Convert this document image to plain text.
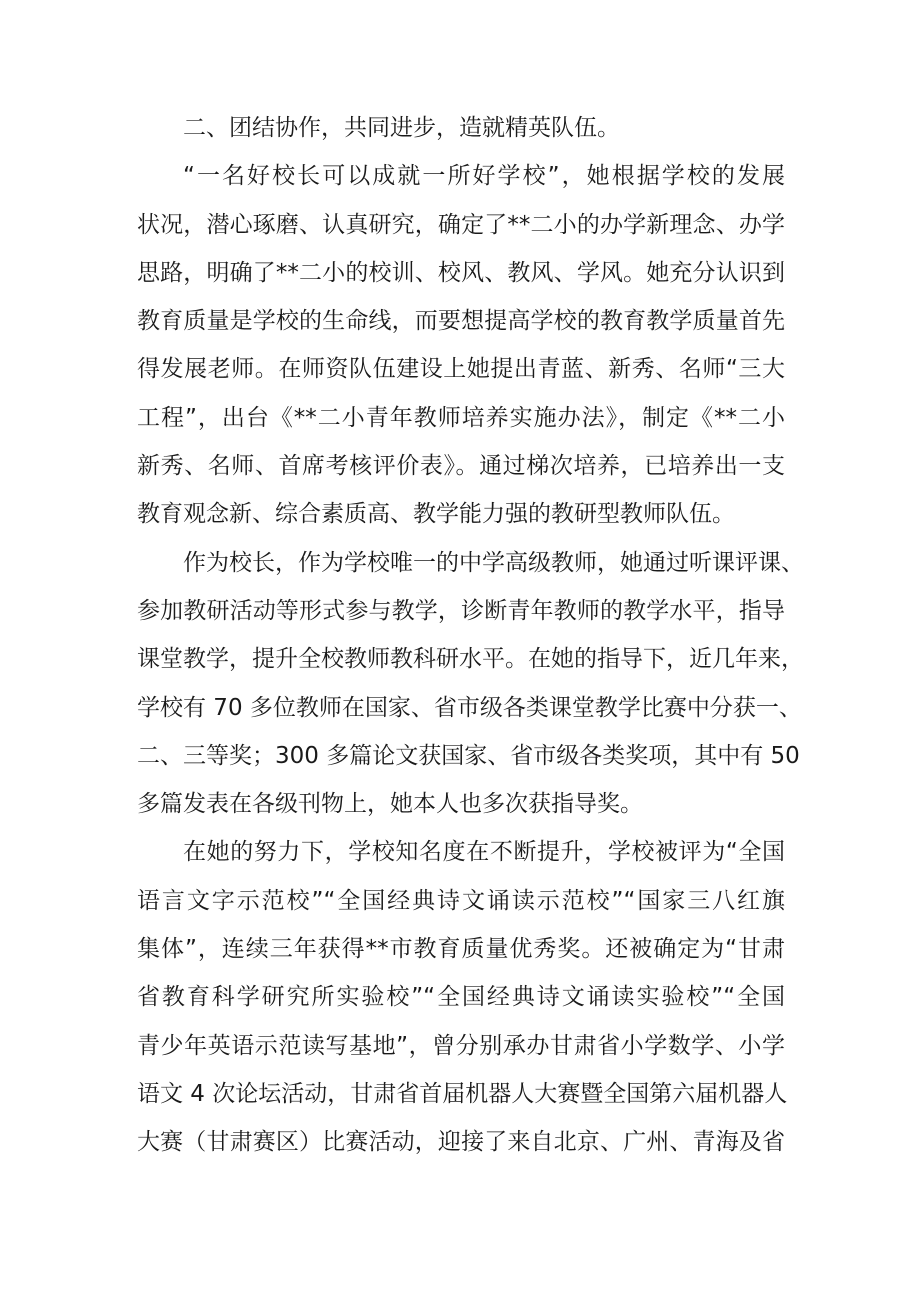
二、团结协作，共同进步，造就精英队伍。
“一名好校长可以成就一所好学校”，她根据学校的发展
状况，潜心琢磨、认真研究，确定了**二小的办学新理念、办学
思路，明确了**二小的校训、校风、教风、学风。她充分认识到
教育质量是学校的生命线，而要想提高学校的教育教学质量首先
得发展老师。在师资队伍建设上她提出青蓝、新秀、名师“三大
工程”，出台《**二小青年教师培养实施办法》，制定《**二小
新秀、名师、首席考核评价表》。通过梯次培养，已培养出一支
教育观念新、综合素质高、教学能力强的教研型教师队伍。
作为校长，作为学校唯一的中学高级教师，她通过听课评课、
参加教研活动等形式参与教学，诊断青年教师的教学水平，指导
课堂教学，提升全校教师教科研水平。在她的指导下，近几年来，
学校有 70 多位教师在国家、省市级各类课堂教学比赛中分获一、
二、三等奖；300 多篇论文获国家、省市级各类奖项，其中有 50
多篇发表在各级刊物上，她本人也多次获指导奖。
在她的努力下，学校知名度在不断提升，学校被评为“全国
语言文字示范校”“全国经典诗文诵读示范校”“国家三八红旗
集体”，连续三年获得**市教育质量优秀奖。还被确定为“甘肃
省教育科学研究所实验校”“全国经典诗文诵读实验校”“全国
青少年英语示范读写基地”，曾分别承办甘肃省小学数学、小学
语文 4 次论坛活动，甘肃省首届机器人大赛暨全国第六届机器人
大赛（甘肃赛区）比赛活动，迎接了来自北京、广州、青海及省
